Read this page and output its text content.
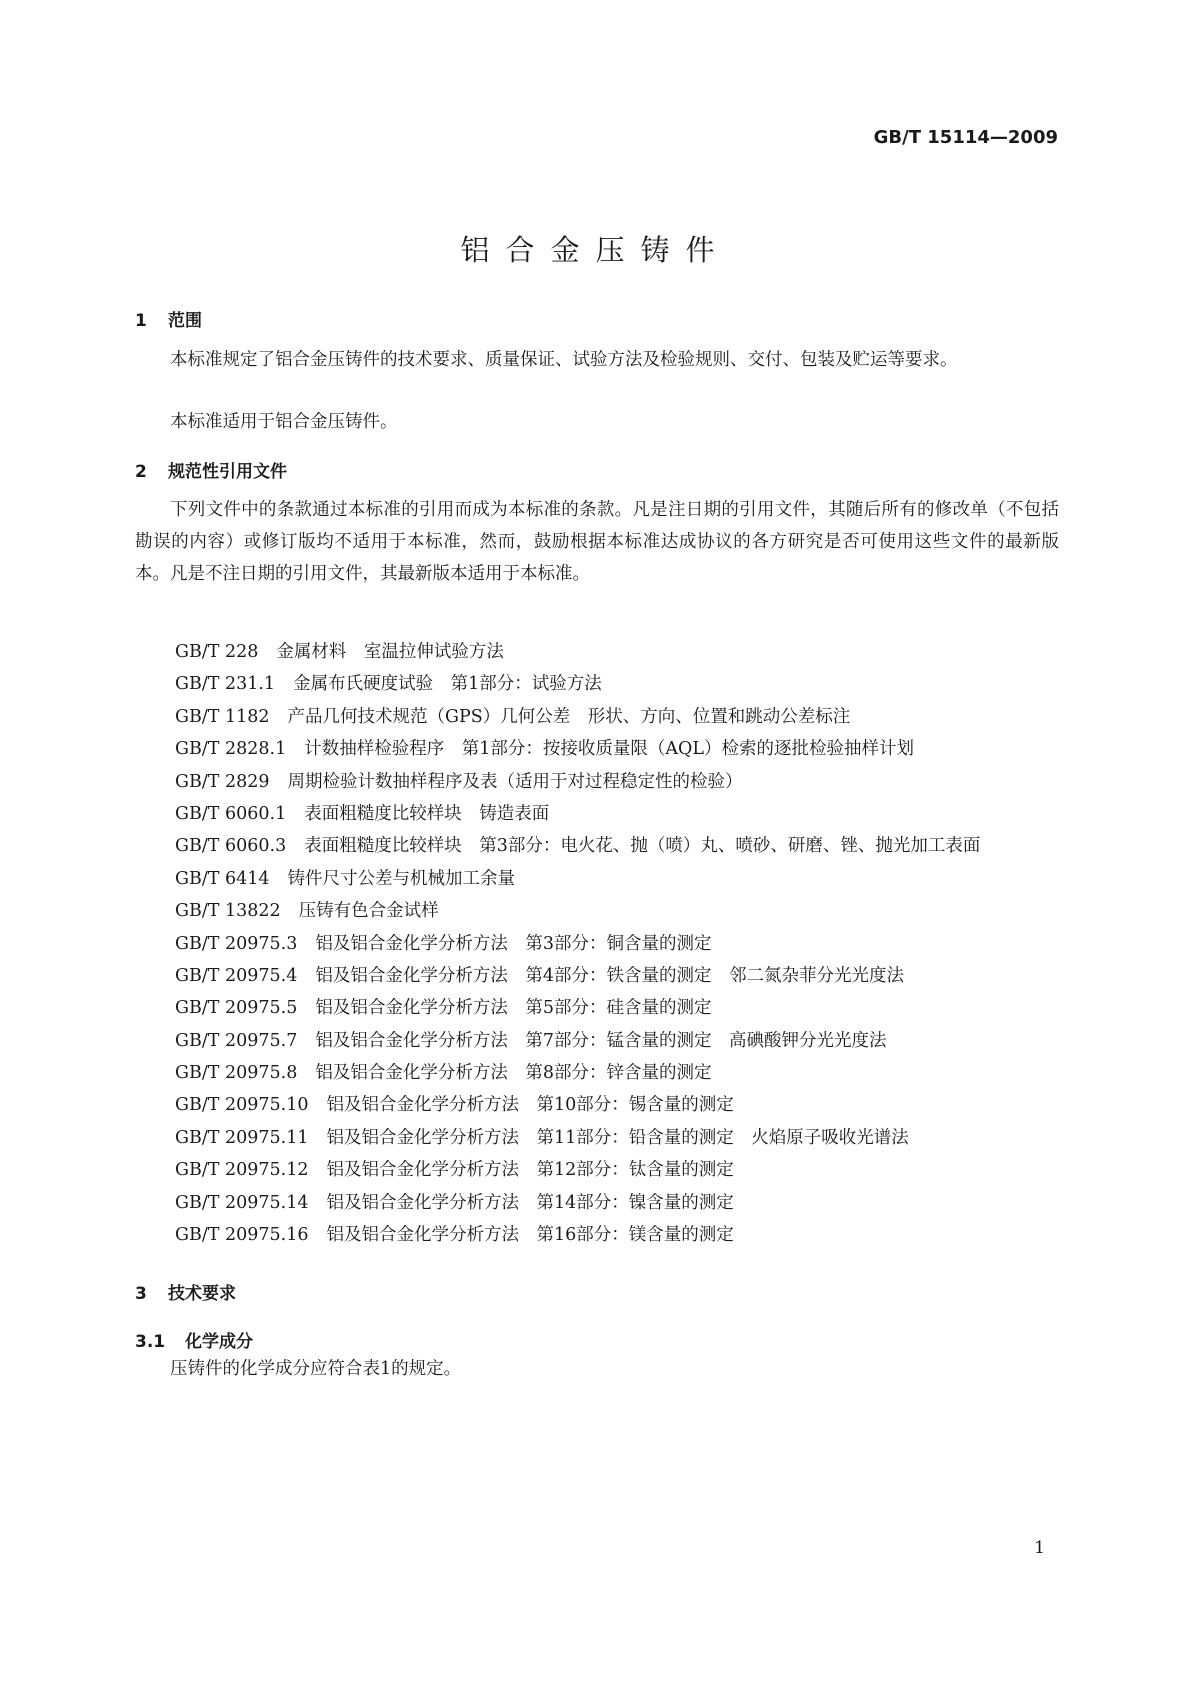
GB/T 15114—2009
铝合金压铸件
1 范围
本标准规定了铝合金压铸件的技术要求、质量保证、试验方法及检验规则、交付、包装及贮运等要求。
本标准适用于铝合金压铸件。
2 规范性引用文件
下列文件中的条款通过本标准的引用而成为本标准的条款。凡是注日期的引用文件，其随后所有的修改单（不包括勘误的内容）或修订版均不适用于本标准，然而，鼓励根据本标准达成协议的各方研究是否可使用这些文件的最新版本。凡是不注日期的引用文件，其最新版本适用于本标准。
GB/T 228 金属材料　室温拉伸试验方法
GB/T 231.1 金属布氏硬度试验　第1部分：试验方法
GB/T 1182 产品几何技术规范（GPS）几何公差　形状、方向、位置和跳动公差标注
GB/T 2828.1 计数抽样检验程序　第1部分：按接收质量限（AQL）检索的逐批检验抽样计划
GB/T 2829 周期检验计数抽样程序及表（适用于对过程稳定性的检验）
GB/T 6060.1 表面粗糙度比较样块　铸造表面
GB/T 6060.3 表面粗糙度比较样块　第3部分：电火花、抛（喷）丸、喷砂、研磨、锉、抛光加工表面
GB/T 6414 铸件尺寸公差与机械加工余量
GB/T 13822 压铸有色合金试样
GB/T 20975.3 铝及铝合金化学分析方法　第3部分：铜含量的测定
GB/T 20975.4 铝及铝合金化学分析方法　第4部分：铁含量的测定　邻二氮杂菲分光光度法
GB/T 20975.5 铝及铝合金化学分析方法　第5部分：硅含量的测定
GB/T 20975.7 铝及铝合金化学分析方法　第7部分：锰含量的测定　高碘酸钾分光光度法
GB/T 20975.8 铝及铝合金化学分析方法　第8部分：锌含量的测定
GB/T 20975.10 铝及铝合金化学分析方法　第10部分：锡含量的测定
GB/T 20975.11 铝及铝合金化学分析方法　第11部分：铅含量的测定　火焰原子吸收光谱法
GB/T 20975.12 铝及铝合金化学分析方法　第12部分：钛含量的测定
GB/T 20975.14 铝及铝合金化学分析方法　第14部分：镍含量的测定
GB/T 20975.16 铝及铝合金化学分析方法　第16部分：镁含量的测定
3 技术要求
3.1 化学成分
压铸件的化学成分应符合表1的规定。
1
